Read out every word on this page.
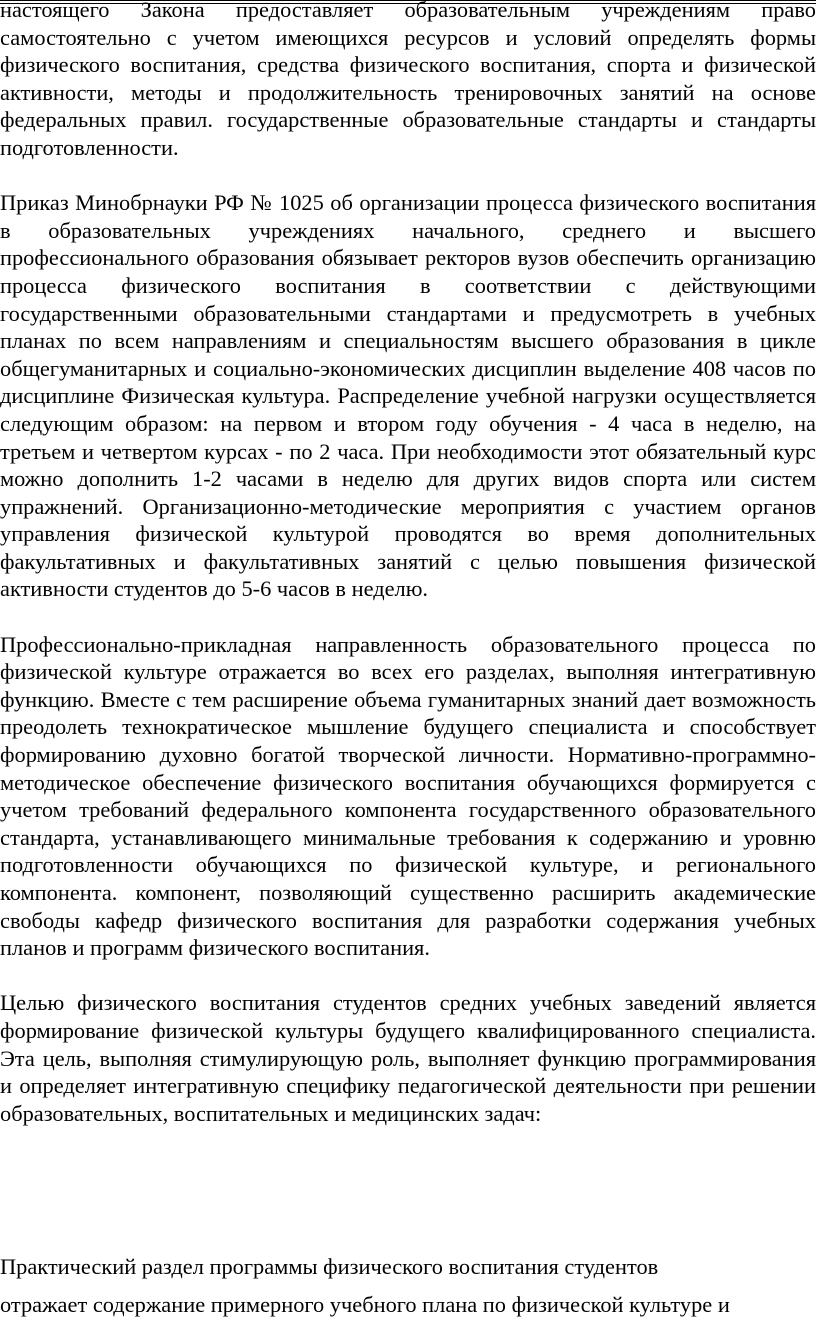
настоящего Закона предоставляет образовательным учреждениям право самостоятельно с учетом имеющихся ресурсов и условий определять формы физического воспитания, средства физического воспитания, спорта и физической активности, методы и продолжительность тренировочных занятий на основе федеральных правил. государственные образовательные стандарты и стандарты подготовленности.

Приказ Минобрнауки РФ № 1025 об организации процесса физического воспитания в образовательных учреждениях начального, среднего и высшего профессионального образования обязывает ректоров вузов обеспечить организацию процесса физического воспитания в соответствии с действующими государственными образовательными стандартами и предусмотреть в учебных планах по всем направлениям и специальностям высшего образования в цикле общегуманитарных и социально-экономических дисциплин выделение 408 часов по дисциплине Физическая культура. Распределение учебной нагрузки осуществляется следующим образом: на первом и втором году обучения - 4 часа в неделю, на третьем и четвертом курсах - по 2 часа. При необходимости этот обязательный курс можно дополнить 1-2 часами в неделю для других видов спорта или систем упражнений. Организационно-методические мероприятия с участием органов управления физической культурой проводятся во время дополнительных факультативных и факультативных занятий с целью повышения физической активности студентов до 5-6 часов в неделю.

Профессионально-прикладная направленность образовательного процесса по физической культуре отражается во всех его разделах, выполняя интегративную функцию. Вместе с тем расширение объема гуманитарных знаний дает возможность преодолеть технократическое мышление будущего специалиста и способствует формированию духовно богатой творческой личности. Нормативно-программно-методическое обеспечение физического воспитания обучающихся формируется с учетом требований федерального компонента государственного образовательного стандарта, устанавливающего минимальные требования к содержанию и уровню подготовленности обучающихся по физической культуре, и регионального компонента. компонент, позволяющий существенно расширить академические свободы кафедр физического воспитания для разработки содержания учебных планов и программ физического воспитания.

Целью физического воспитания студентов средних учебных заведений является формирование физической культуры будущего квалифицированного специалиста. Эта цель, выполняя стимулирующую роль, выполняет функцию программирования и определяет интегративную специфику педагогической деятельности при решении образовательных, воспитательных и медицинских задач:

Практический раздел программы физического воспитания студентов
отражает содержание примерного учебного плана по физической культуре и
